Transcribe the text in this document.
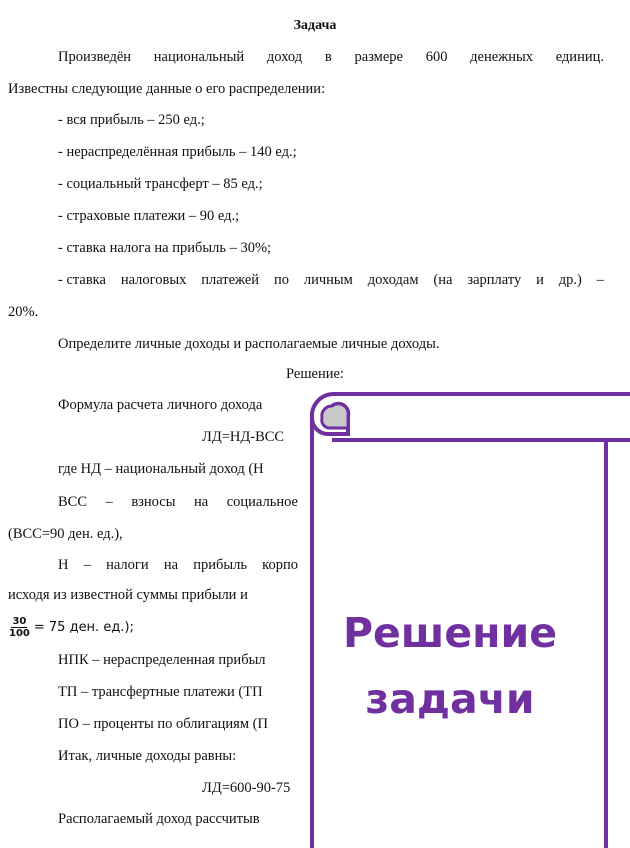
Задача
Произведён национальный доход в размере 600 денежных единиц.
Известны следующие данные о его распределении:
- вся прибыль – 250 ед.;
- нераспределённая прибыль – 140 ед.;
- социальный трансферт – 85 ед.;
- страховые платежи – 90 ед.;
- ставка налога на прибыль – 30%;
- ставка налоговых платежей по личным доходам (на зарплату и др.) –
20%.
Определите личные доходы и располагаемые личные доходы.
Решение:
Формула расчета личного дохода
ЛД=НД-ВСС
где НД – национальный доход (Н
ВСС – взносы на социальное
(ВСС=90 ден. ед.),
Н – налоги на прибыль корпо
исходя из известной суммы прибыли и
$\frac{30}{100} = 75$ ден. ед.);
НПК – нераспределенная прибыл
ТП – трансфертные платежи (ТП
ПО – проценты по облигациям (П
Итак, личные доходы равны:
ЛД=600-90-75
Располагаемый доход рассчитыв
Решение
задачи
